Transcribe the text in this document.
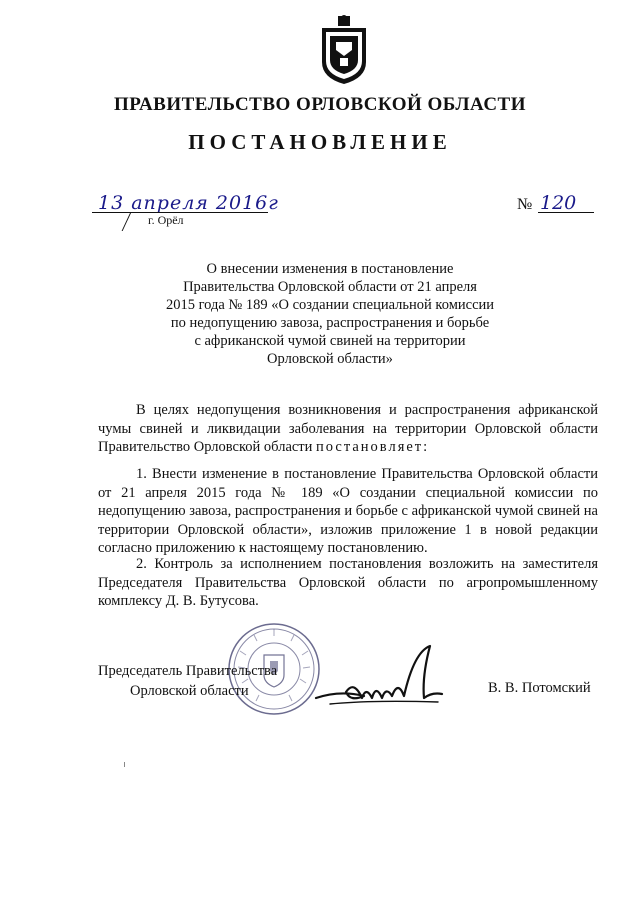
ПРАВИТЕЛЬСТВО ОРЛОВСКОЙ ОБЛАСТИ
ПОСТАНОВЛЕНИЕ
13 апреля 2016г
г. Орёл
№ 120
О внесении изменения в постановление
Правительства Орловской области от 21 апреля
2015 года № 189 «О создании специальной комиссии
по недопущению завоза, распространения и борьбе
с африканской чумой свиней на территории
Орловской области»
В целях недопущения возникновения и распространения африканской чумы свиней и ликвидации заболевания на территории Орловской области Правительство Орловской области постановляет:
1. Внести изменение в постановление Правительства Орловской области от 21 апреля 2015 года № 189 «О создании специальной комиссии по недопущению завоза, распространения и борьбе с африканской чумой свиней на территории Орловской области», изложив приложение 1 в новой редакции согласно приложению к настоящему постановлению.
2. Контроль за исполнением постановления возложить на заместителя Председателя Правительства Орловской области по агропромышленному комплексу Д. В. Бутусова.
Председатель Правительства
Орловской области	В. В. Потомский
